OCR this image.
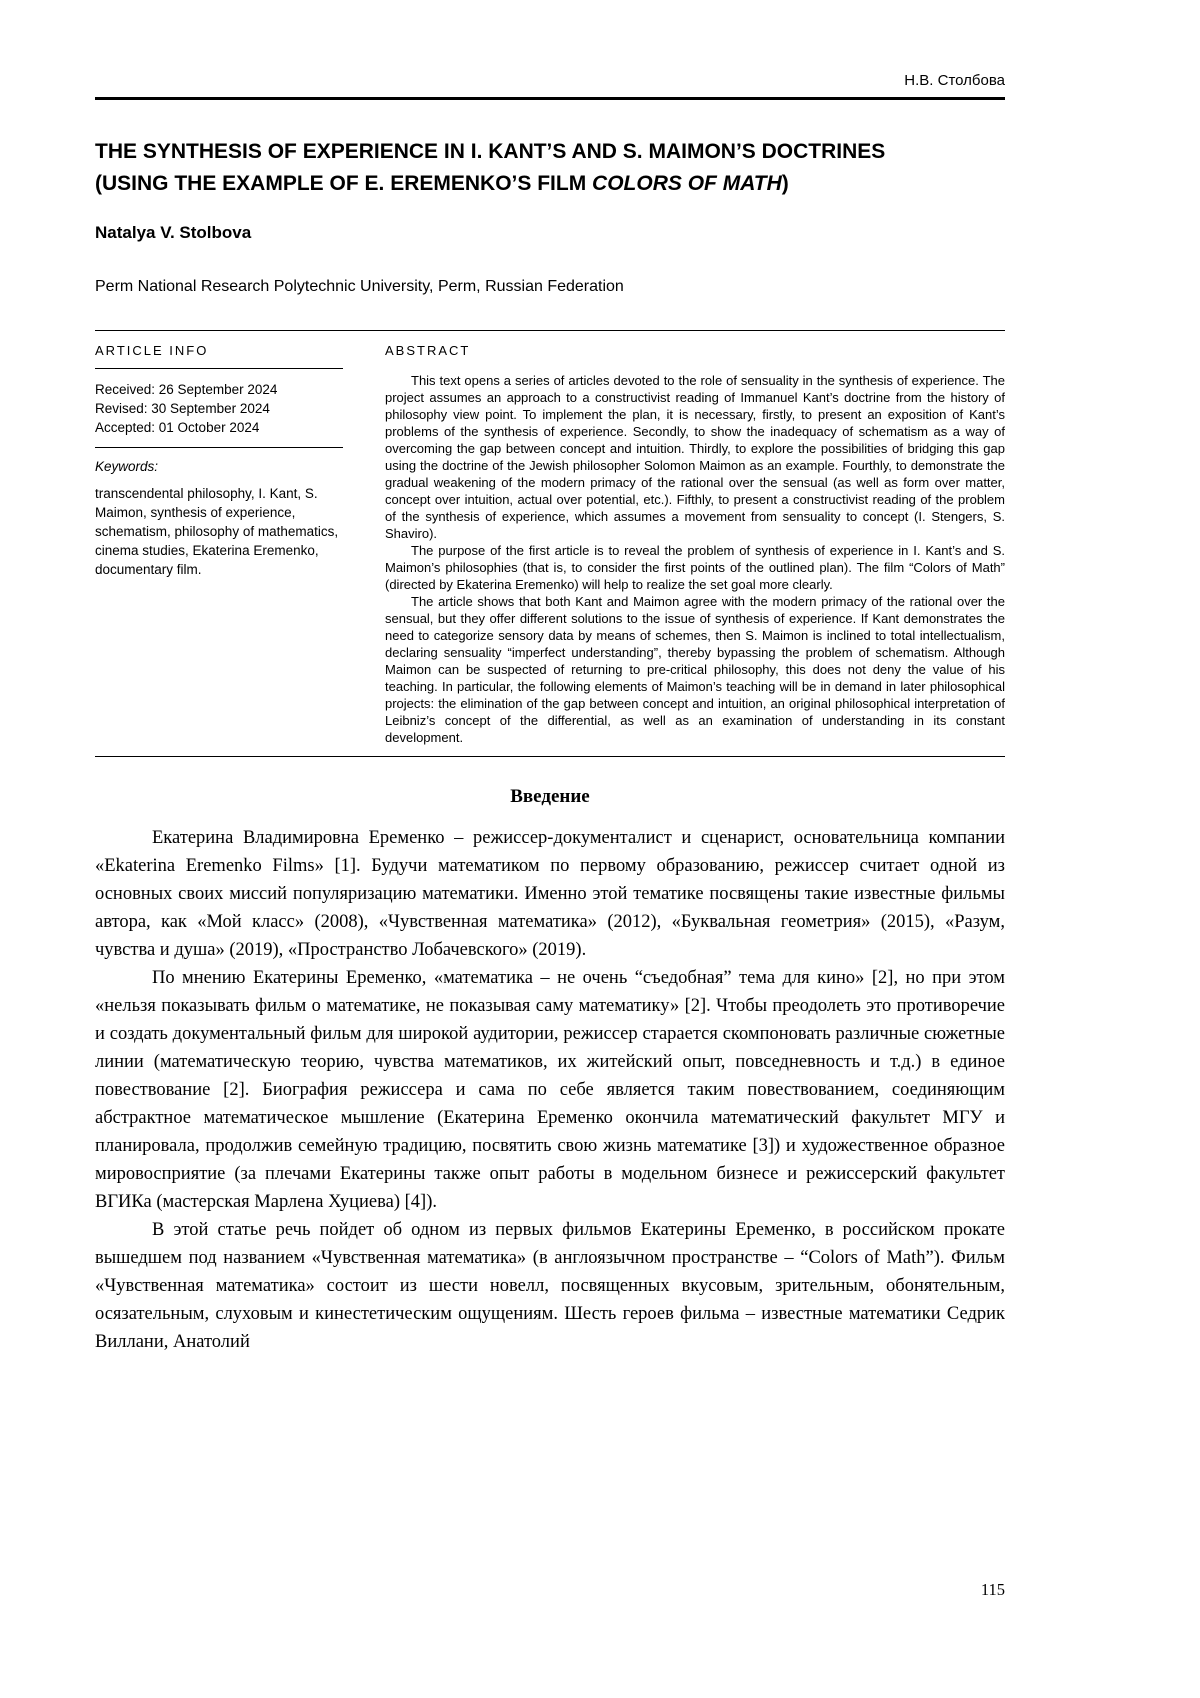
Н.В. Столбова
THE SYNTHESIS OF EXPERIENCE IN I. KANT’S AND S. MAIMON’S DOCTRINES
(USING THE EXAMPLE OF E. EREMENKO’S FILM COLORS OF MATH)
Natalya V. Stolbova
Perm National Research Polytechnic University, Perm, Russian Federation
ARTICLE INFO
Received: 26 September 2024
Revised: 30 September 2024
Accepted: 01 October 2024
Keywords:
transcendental philosophy, I. Kant, S. Maimon, synthesis of experience, schematism, philosophy of mathematics, cinema studies, Ekaterina Eremenko, documentary film.
ABSTRACT

This text opens a series of articles devoted to the role of sensuality in the synthesis of experience. The project assumes an approach to a constructivist reading of Immanuel Kant’s doctrine from the history of philosophy view point. To implement the plan, it is necessary, firstly, to present an exposition of Kant’s problems of the synthesis of experience. Secondly, to show the inadequacy of schematism as a way of overcoming the gap between concept and intuition. Thirdly, to explore the possibilities of bridging this gap using the doctrine of the Jewish philosopher Solomon Maimon as an example. Fourthly, to demonstrate the gradual weakening of the modern primacy of the rational over the sensual (as well as form over matter, concept over intuition, actual over potential, etc.). Fifthly, to present a constructivist reading of the problem of the synthesis of experience, which assumes a movement from sensuality to concept (I. Stengers, S. Shaviro).

The purpose of the first article is to reveal the problem of synthesis of experience in I. Kant’s and S. Maimon’s philosophies (that is, to consider the first points of the outlined plan). The film “Colors of Math” (directed by Ekaterina Eremenko) will help to realize the set goal more clearly.

The article shows that both Kant and Maimon agree with the modern primacy of the rational over the sensual, but they offer different solutions to the issue of synthesis of experience. If Kant demonstrates the need to categorize sensory data by means of schemes, then S. Maimon is inclined to total intellectualism, declaring sensuality “imperfect understanding”, thereby bypassing the problem of schematism. Although Maimon can be suspected of returning to pre-critical philosophy, this does not deny the value of his teaching. In particular, the following elements of Maimon’s teaching will be in demand in later philosophical projects: the elimination of the gap between concept and intuition, an original philosophical interpretation of Leibniz’s concept of the differential, as well as an examination of understanding in its constant development.

Введение

Екатерина Владимировна Еременко – режиссер-документалист и сценарист, основательница компании «Ekaterina Eremenko Films» [1]. Будучи математиком по первому образованию, режиссер считает одной из основных своих миссий популяризацию математики. Именно этой тематике посвящены такие известные фильмы автора, как «Мой класс» (2008), «Чувственная математика» (2012), «Буквальная геометрия» (2015), «Разум, чувства и душа» (2019), «Пространство Лобачевского» (2019).

По мнению Екатерины Еременко, «математика – не очень “съедобная” тема для кино» [2], но при этом «нельзя показывать фильм о математике, не показывая саму математику» [2]. Чтобы преодолеть это противоречие и создать документальный фильм для широкой аудитории, режиссер старается скомпоновать различные сюжетные линии (математическую теорию, чувства математиков, их житейский опыт, повседневность и т.д.) в единое повествование [2]. Биография режиссера и сама по себе является таким повествованием, соединяющим абстрактное математическое мышление (Екатерина Еременко окончила математический факультет МГУ и планировала, продолжив семейную традицию, посвятить свою жизнь математике [3]) и художественное образное мировосприятие (за плечами Екатерины также опыт работы в модельном бизнесе и режиссерский факультет ВГИКа (мастерская Марлена Хуциева) [4]).

В этой статье речь пойдет об одном из первых фильмов Екатерины Еременко, в российском прокате вышедшем под названием «Чувственная математика» (в англоязычном пространстве – “Colors of Math”). Фильм «Чувственная математика» состоит из шести новелл, посвященных вкусовым, зрительным, обонятельным, осязательным, слуховым и кинестетическим ощущениям. Шесть героев фильма – известные математики Седрик Виллани, Анатолий

115
